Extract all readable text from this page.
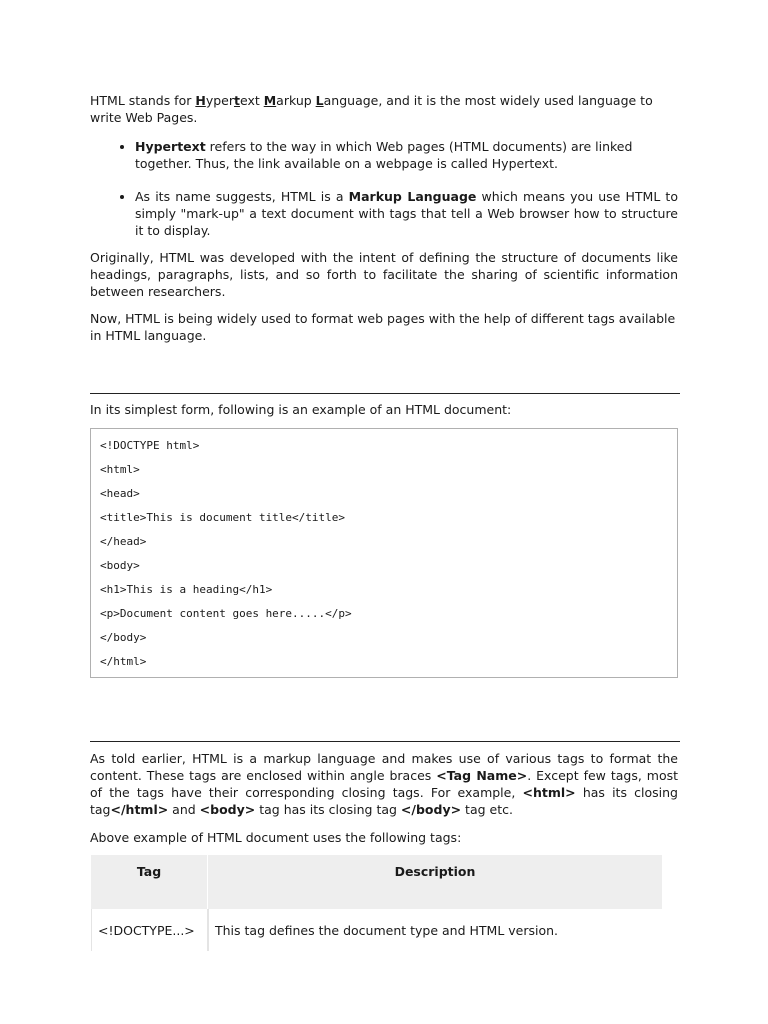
HTML stands for Hypertext Markup Language, and it is the most widely used language to write Web Pages.

• Hypertext refers to the way in which Web pages (HTML documents) are linked together. Thus, the link available on a webpage is called Hypertext.
• As its name suggests, HTML is a Markup Language which means you use HTML to simply "mark-up" a text document with tags that tell a Web browser how to structure it to display.

Originally, HTML was developed with the intent of defining the structure of documents like headings, paragraphs, lists, and so forth to facilitate the sharing of scientific information between researchers.

Now, HTML is being widely used to format web pages with the help of different tags available in HTML language.

In its simplest form, following is an example of an HTML document:

<!DOCTYPE html>
<html>
<head>
<title>This is document title</title>
</head>
<body>
<h1>This is a heading</h1>
<p>Document content goes here.....</p>
</body>
</html>

As told earlier, HTML is a markup language and makes use of various tags to format the content. These tags are enclosed within angle braces <Tag Name>. Except few tags, most of the tags have their corresponding closing tags. For example, <html> has its closing tag</html> and <body> tag has its closing tag </body> tag etc.

Above example of HTML document uses the following tags:

Tag	Description
<!DOCTYPE...>	This tag defines the document type and HTML version.
